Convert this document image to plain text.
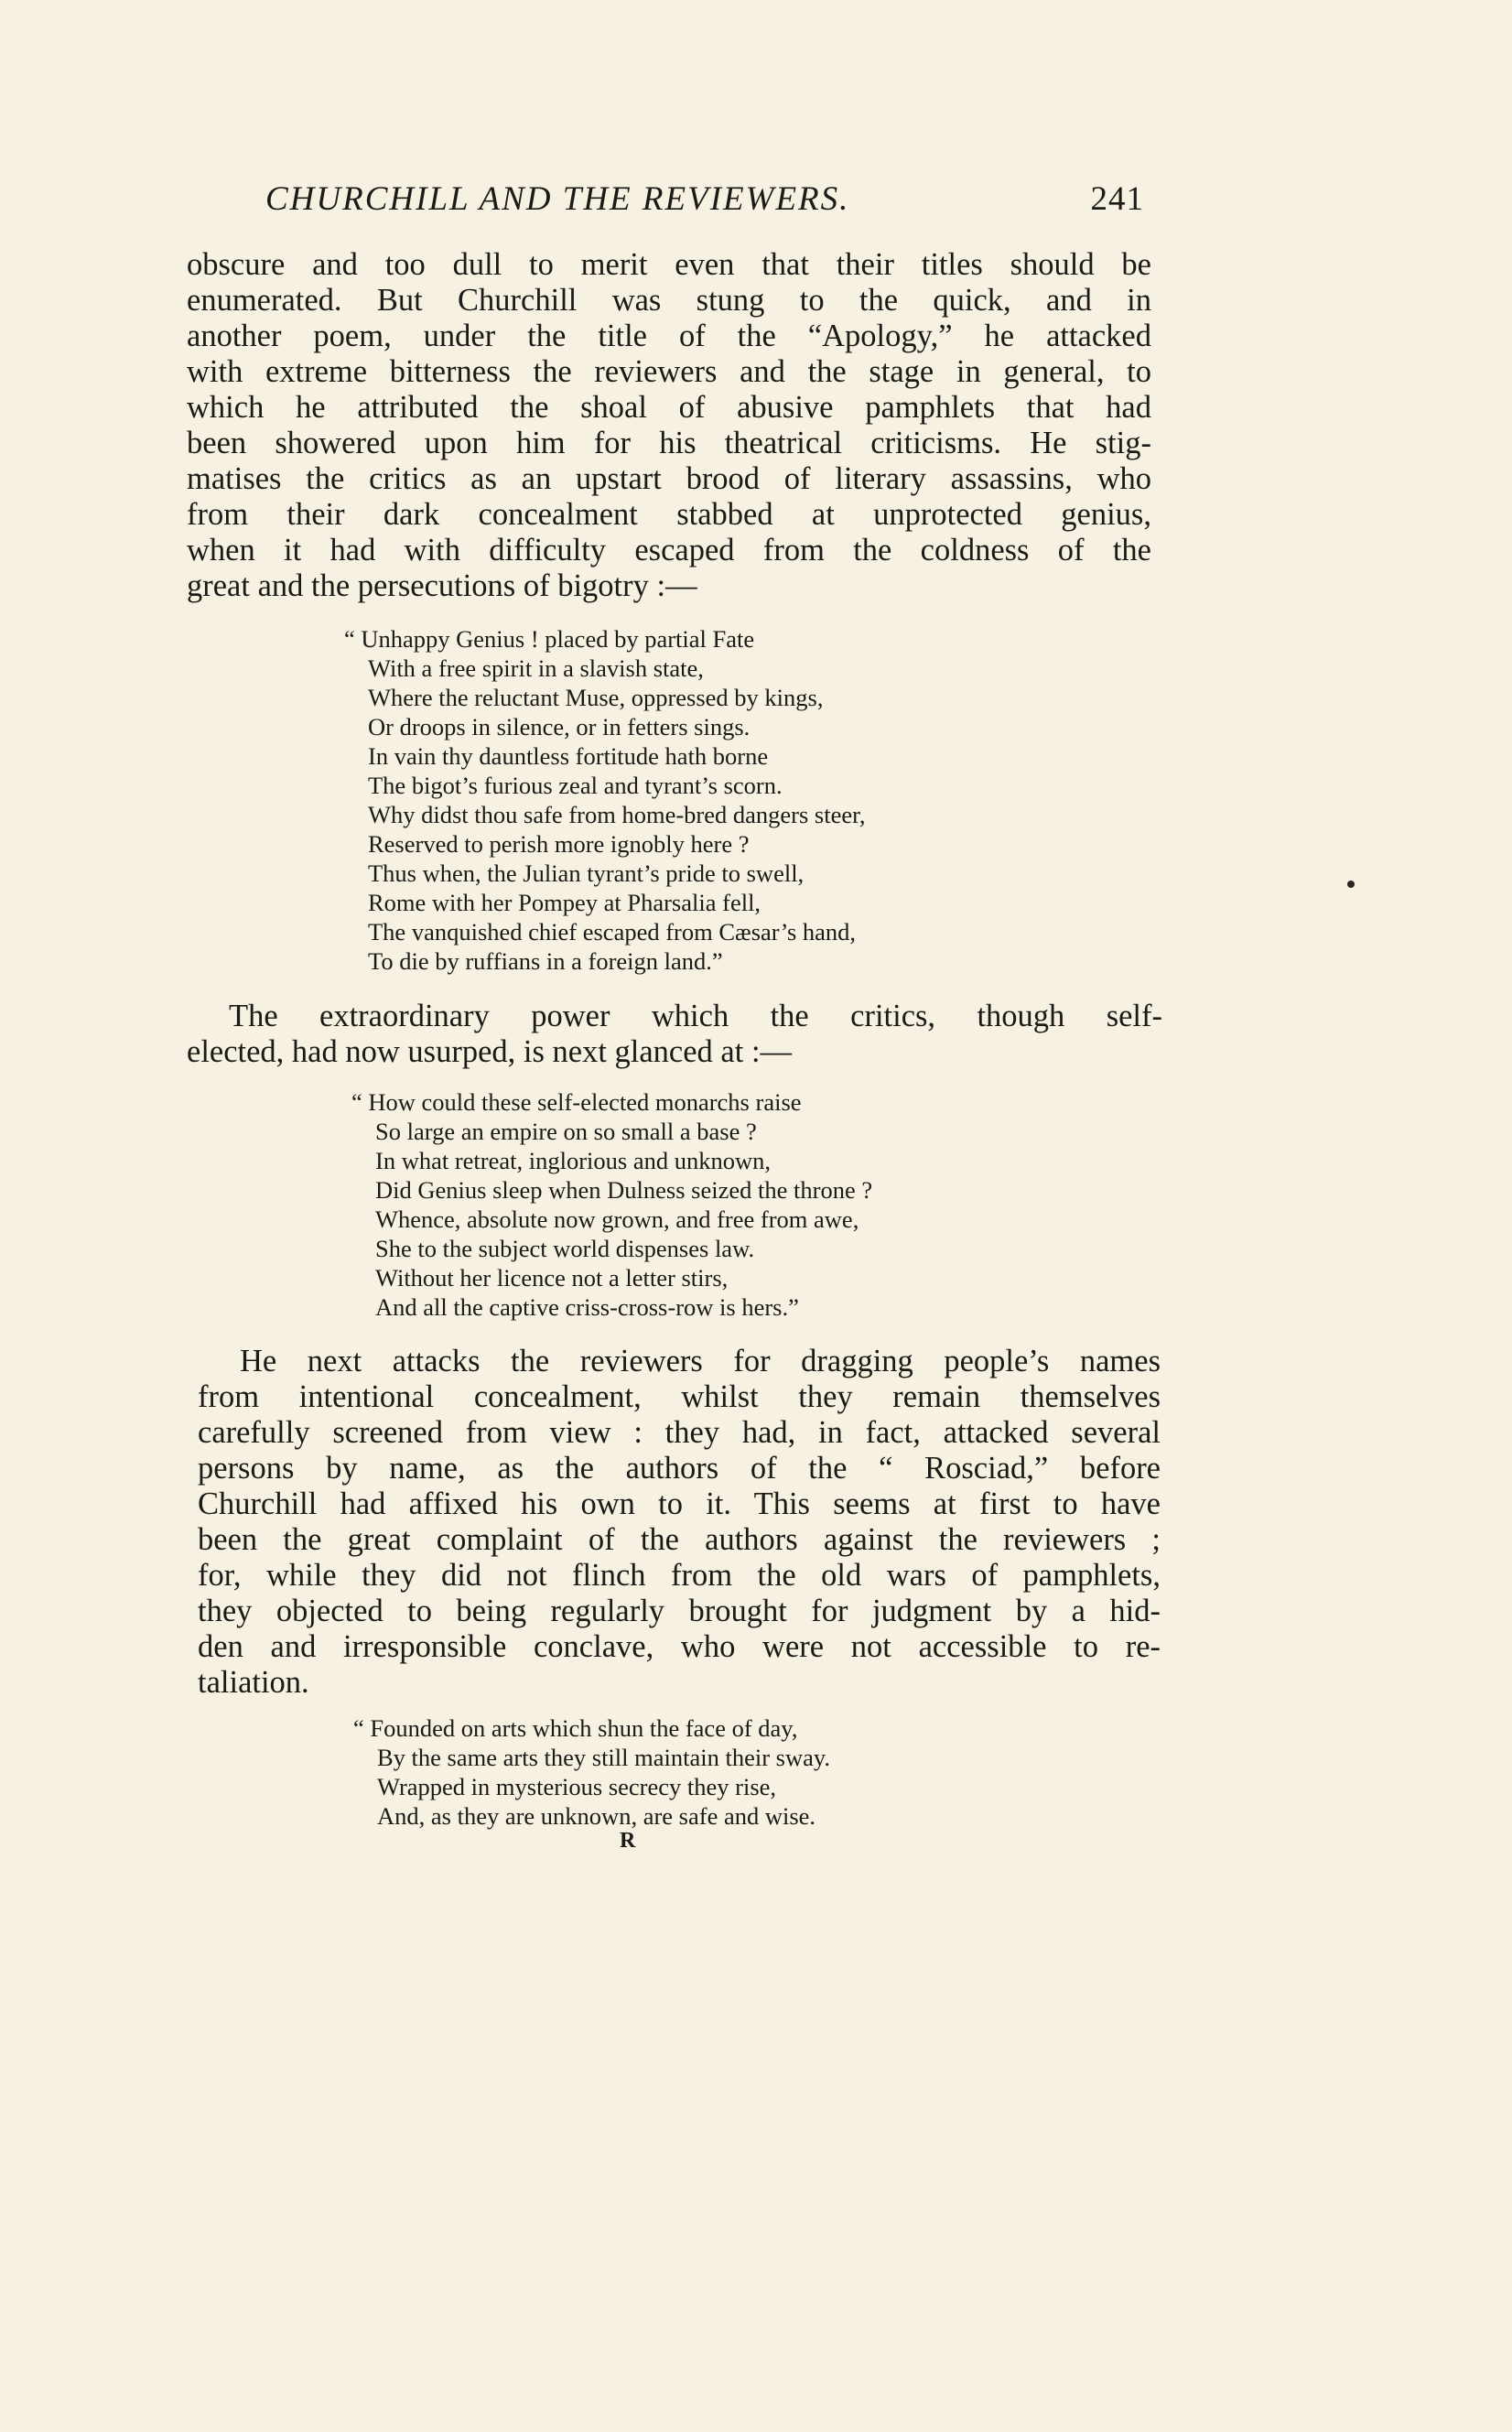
CHURCHILL AND THE REVIEWERS.	241
obscure and too dull to merit even that their titles should be
enumerated. But Churchill was stung to the quick, and in
another poem, under the title of the “Apology,” he attacked
with extreme bitterness the reviewers and the stage in general, to
which he attributed the shoal of abusive pamphlets that had
been showered upon him for his theatrical criticisms. He stig-
matises the critics as an upstart brood of literary assassins, who
from their dark concealment stabbed at unprotected genius,
when it had with difficulty escaped from the coldness of the
great and the persecutions of bigotry :—
“ Unhappy Genius ! placed by partial Fate
With a free spirit in a slavish state,
Where the reluctant Muse, oppressed by kings,
Or droops in silence, or in fetters sings.
In vain thy dauntless fortitude hath borne
The bigot’s furious zeal and tyrant’s scorn.
Why didst thou safe from home-bred dangers steer,
Reserved to perish more ignobly here ?
Thus when, the Julian tyrant’s pride to swell,
Rome with her Pompey at Pharsalia fell,
The vanquished chief escaped from Cæsar’s hand,
To die by ruffians in a foreign land.”
The extraordinary power which the critics, though self-
elected, had now usurped, is next glanced at :—
“ How could these self-elected monarchs raise
So large an empire on so small a base ?
In what retreat, inglorious and unknown,
Did Genius sleep when Dulness seized the throne ?
Whence, absolute now grown, and free from awe,
She to the subject world dispenses law.
Without her licence not a letter stirs,
And all the captive criss-cross-row is hers.”
He next attacks the reviewers for dragging people’s names
from intentional concealment, whilst they remain themselves
carefully screened from view : they had, in fact, attacked several
persons by name, as the authors of the “ Rosciad,” before
Churchill had affixed his own to it. This seems at first to have
been the great complaint of the authors against the reviewers ;
for, while they did not flinch from the old wars of pamphlets,
they objected to being regularly brought for judgment by a hid-
den and irresponsible conclave, who were not accessible to re-
taliation.
“ Founded on arts which shun the face of day,
By the same arts they still maintain their sway.
Wrapped in mysterious secrecy they rise,
And, as they are unknown, are safe and wise.
R
